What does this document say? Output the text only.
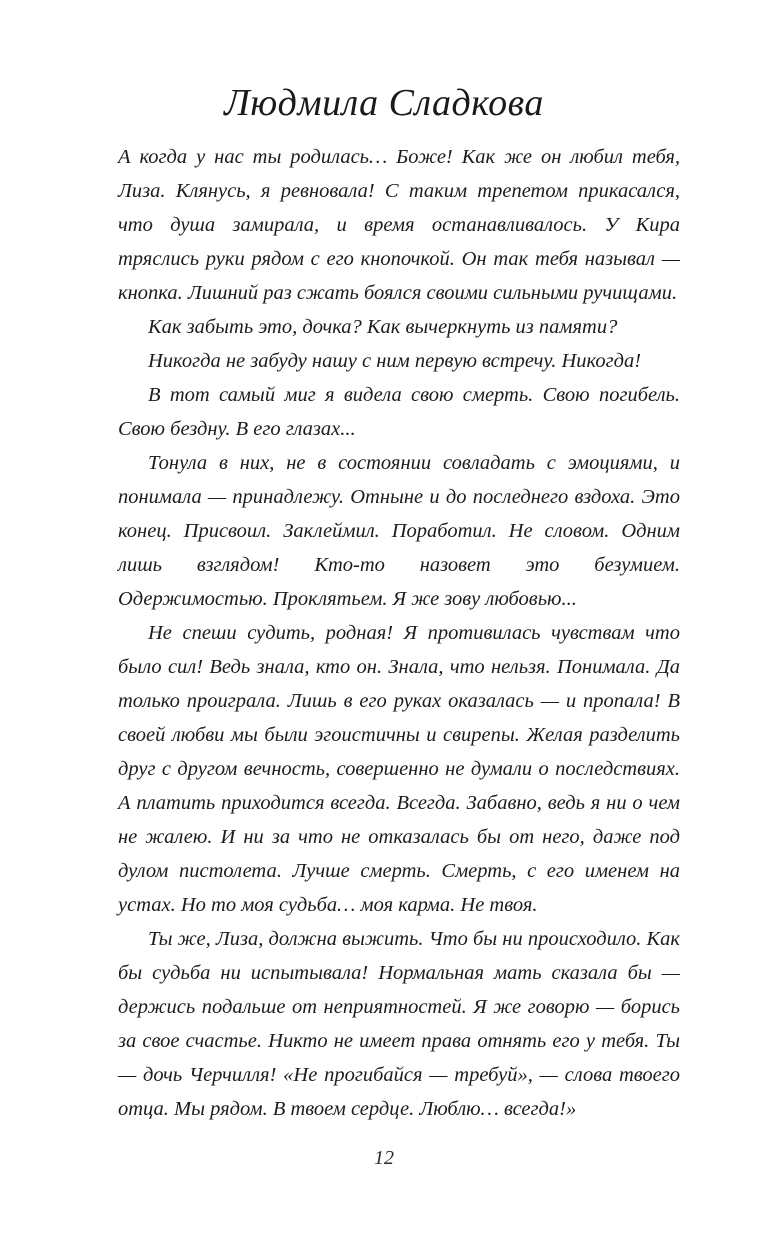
Людмила Сладкова

А когда у нас ты родилась… Боже! Как же он любил тебя, Лиза. Клянусь, я ревновала! С таким трепетом прикасался, что душа замирала, и время останавливалось. У Кира тряслись руки рядом с его кнопочкой. Он так тебя называл — кнопка. Лишний раз сжать боялся своими сильными ручищами.

Как забыть это, дочка? Как вычеркнуть из памяти?

Никогда не забуду нашу с ним первую встречу. Никогда!

В тот самый миг я видела свою смерть. Свою погибель. Свою бездну. В его глазах...

Тонула в них, не в состоянии совладать с эмоциями, и понимала — принадлежу. Отныне и до последнего вздоха. Это конец. Присвоил. Заклеймил. Поработил. Не словом. Одним лишь взглядом! Кто-то назовет это безумием. Одержимостью. Проклятьем. Я же зову любовью...

Не спеши судить, родная! Я противилась чувствам что было сил! Ведь знала, кто он. Знала, что нельзя. Понимала. Да только проиграла. Лишь в его руках оказалась — и пропала! В своей любви мы были эгоистичны и свирепы. Желая разделить друг с другом вечность, совершенно не думали о последствиях. А платить приходится всегда. Всегда. Забавно, ведь я ни о чем не жалею. И ни за что не отказалась бы от него, даже под дулом пистолета. Лучше смерть. Смерть, с его именем на устах. Но то моя судьба… моя карма. Не твоя.

Ты же, Лиза, должна выжить. Что бы ни происходило. Как бы судьба ни испытывала! Нормальная мать сказала бы — держись подальше от неприятностей. Я же говорю — борись за свое счастье. Никто не имеет права отнять его у тебя. Ты — дочь Черчилля! «Не прогибайся — требуй», — слова твоего отца. Мы рядом. В твоем сердце. Люблю… всегда!»

12
